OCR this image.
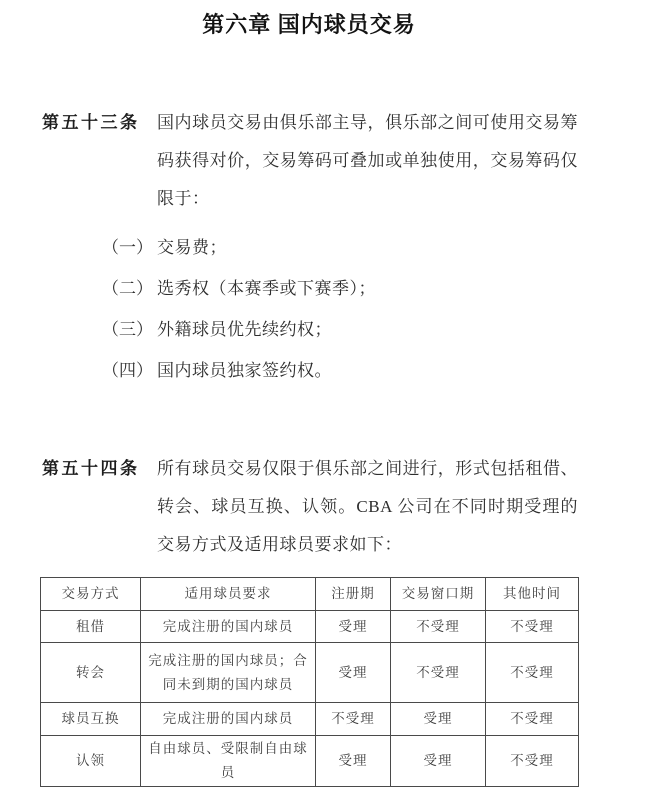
第六章 国内球员交易
第五十三条	国内球员交易由俱乐部主导，俱乐部之间可使用交易筹码获得对价，交易筹码可叠加或单独使用，交易筹码仅限于：
（一） 交易费；
（二） 选秀权（本赛季或下赛季）；
（三） 外籍球员优先续约权；
（四） 国内球员独家签约权。
第五十四条	所有球员交易仅限于俱乐部之间进行，形式包括租借、转会、球员互换、认领。CBA 公司在不同时期受理的交易方式及适用球员要求如下：
交易方式	适用球员要求	注册期	交易窗口期	其他时间
租借	完成注册的国内球员	受理	不受理	不受理
转会	完成注册的国内球员；合同未到期的国内球员	受理	不受理	不受理
球员互换	完成注册的国内球员	不受理	受理	不受理
认领	自由球员、受限制自由球员	受理	受理	不受理
